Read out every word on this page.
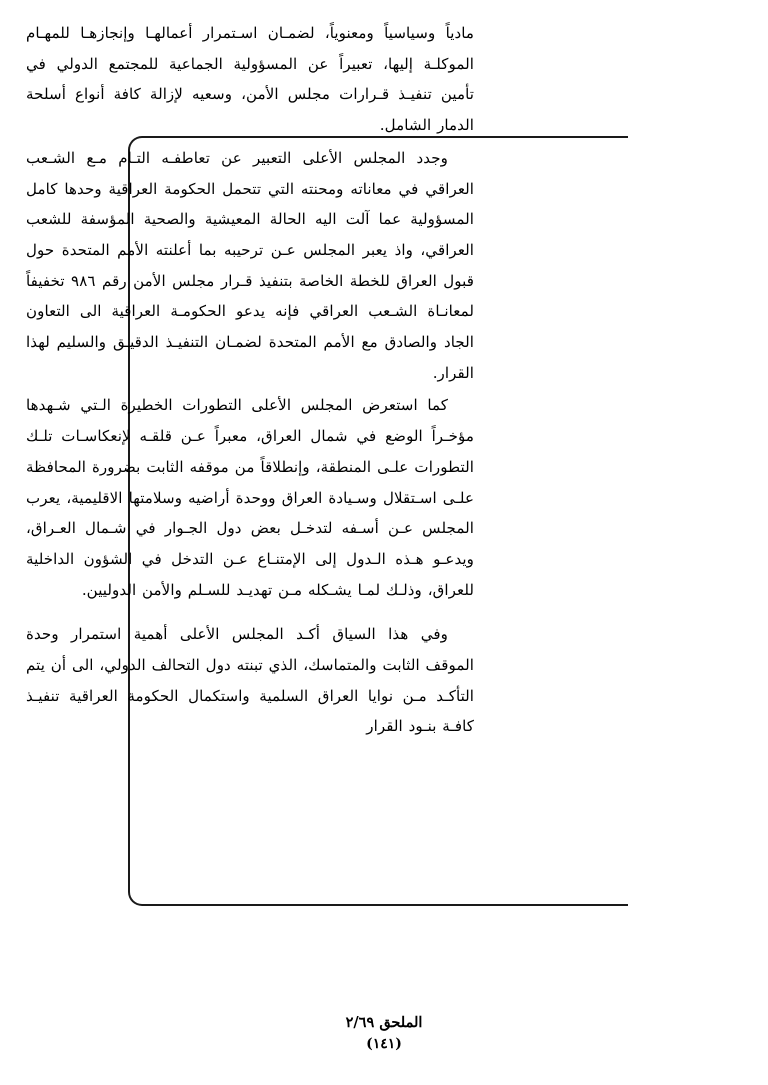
مادياً وسياسياً ومعنوياً، لضمـان اسـتمرار أعمالهـا وإنجازهـا للمهـام الموكلـة إليها، تعبيراً عن المسؤولية الجماعية للمجتمع الدولي في تأمين تنفيـذ قـرارات مجلس الأمن، وسعيه لإزالة كافة أنواع أسلحة الدمار الشامل.

وجدد المجلس الأعلى التعبير عن تعاطفـه التـام مـع الشـعب العراقي في معاناته ومحنته التي تتحمل الحكومة العراقية وحدها كامل المسؤولية عما آلت اليه الحالة المعيشية والصحية المؤسفة للشعب العراقي، واذ يعبر المجلس عـن ترحيبه بما أعلنته الأمم المتحدة حول قبول العراق للخطة الخاصة بتنفيذ قـرار مجلس الأمن رقم ٩٨٦ تخفيفاً لمعانـاة الشـعب العراقي فإنه يدعو الحكومـة العراقية الى التعاون الجاد والصادق مع الأمم المتحدة لضمـان التنفيـذ الدقيـق والسليم لهذا القرار.

كما استعرض المجلس الأعلى التطورات الخطيرة الـتي شـهدها مؤخـراً الوضع في شمال العراق، معبراً عـن قلقـه لإنعكاسـات تلـك التطورات علـى المنطقة، وإنطلاقاً من موقفه الثابت بضرورة المحافظة علـى اسـتقلال وسـيادة العراق ووحدة أراضيه وسلامتها الاقليمية، يعرب المجلس عـن أسـفه لتدخـل بعض دول الجـوار في شـمال العـراق، ويدعـو هـذه الـدول إلى الإمتنـاع عـن التدخل في الشؤون الداخلية للعراق، وذلـك لمـا يشـكله مـن تهديـد للسـلم والأمن الدوليين.

وفي هذا السياق أكـد المجلس الأعلى أهمية استمرار وحدة الموقف الثابت والمتماسك، الذي تبنته دول التحالف الدولي، الى أن يتم التأكـد مـن نوايا العراق السلمية واستكمال الحكومة العراقية تنفيـذ كافـة بنـود القرار

الملحق ٢/٦٩
(١٤١)
